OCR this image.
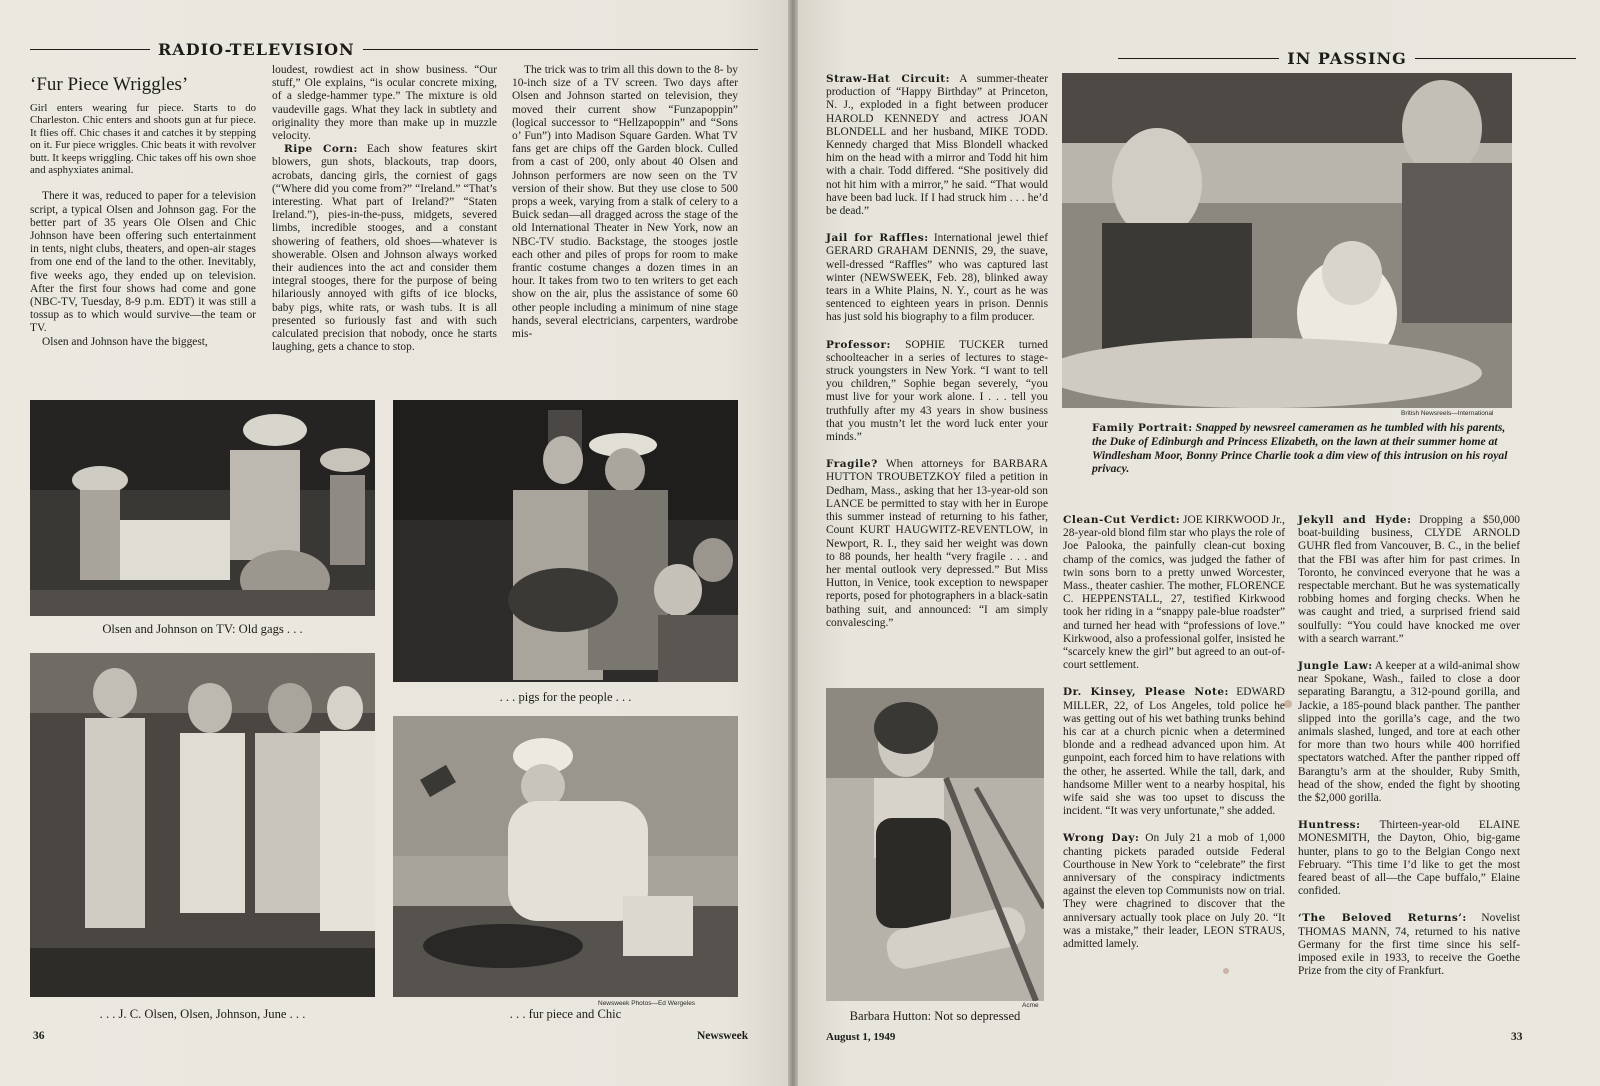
RADIO-TELEVISION
‘Fur Piece Wriggles’
Girl enters wearing fur piece. Starts to do Charleston. Chic enters and shoots gun at fur piece. It flies off. Chic chases it and catches it by stepping on it. Fur piece wriggles. Chic beats it with revolver butt. It keeps wriggling. Chic takes off his own shoe and asphyxiates animal.

There it was, reduced to paper for a television script, a typical Olsen and Johnson gag. For the better part of 35 years Ole Olsen and Chic Johnson have been offering such entertainment in tents, night clubs, theaters, and open-air stages from one end of the land to the other. Inevitably, five weeks ago, they ended up on television. After the first four shows had come and gone (NBC-TV, Tuesday, 8-9 p.m. EDT) it was still a tossup as to which would survive—the team or TV.

Olsen and Johnson have the biggest,

loudest, rowdiest act in show business. “Our stuff,” Ole explains, “is ocular concrete mixing, of a sledge-hammer type.” The mixture is old vaudeville gags. What they lack in subtlety and originality they more than make up in muzzle velocity.

Ripe Corn: Each show features skirt blowers, gun shots, blackouts, trap doors, acrobats, dancing girls, the corniest of gags (“Where did you come from?” “Ireland.” “That’s interesting. What part of Ireland?” “Staten Ireland.”), pies-in-the-puss, midgets, severed limbs, incredible stooges, and a constant showering of feathers, old shoes—whatever is showerable. Olsen and Johnson always worked their audiences into the act and consider them integral stooges, there for the purpose of being hilariously annoyed with gifts of ice blocks, baby pigs, white rats, or wash tubs. It is all presented so furiously fast and with such calculated precision that nobody, once he starts laughing, gets a chance to stop.

The trick was to trim all this down to the 8- by 10-inch size of a TV screen. Two days after Olsen and Johnson started on television, they moved their current show “Funzapoppin” (logical successor to “Hellzapoppin” and “Sons o’ Fun”) into Madison Square Garden. What TV fans get are chips off the Garden block. Culled from a cast of 200, only about 40 Olsen and Johnson performers are now seen on the TV version of their show. But they use close to 500 props a week, varying from a stalk of celery to a Buick sedan—all dragged across the stage of the old International Theater in New York, now an NBC-TV studio. Backstage, the stooges jostle each other and piles of props for room to make frantic costume changes a dozen times in an hour. It takes from two to ten writers to get each show on the air, plus the assistance of some 60 other people including a minimum of nine stage hands, several electricians, carpenters, wardrobe mis-

Olsen and Johnson on TV: Old gags . . .
. . . pigs for the people . . .
. . . J. C. Olsen, Olsen, Johnson, June . . .
Newsweek Photos—Ed Wergeles
. . . fur piece and Chic
36	Newsweek
IN PASSING

Straw-Hat Circuit: A summer-theater production of “Happy Birthday” at Princeton, N. J., exploded in a fight between producer HAROLD KENNEDY and actress JOAN BLONDELL and her husband, MIKE TODD. Kennedy charged that Miss Blondell whacked him on the head with a mirror and Todd hit him with a chair. Todd differed. “She positively did not hit him with a mirror,” he said. “That would have been bad luck. If I had struck him . . . he’d be dead.”

Jail for Raffles: International jewel thief GERARD GRAHAM DENNIS, 29, the suave, well-dressed “Raffles” who was captured last winter (NEWSWEEK, Feb. 28), blinked away tears in a White Plains, N. Y., court as he was sentenced to eighteen years in prison. Dennis has just sold his biography to a film producer.

Professor: SOPHIE TUCKER turned schoolteacher in a series of lectures to stage-struck youngsters in New York. “I want to tell you children,” Sophie began severely, “you must live for your work alone. I . . . tell you truthfully after my 43 years in show business that you mustn’t let the word luck enter your minds.”

Fragile? When attorneys for BARBARA HUTTON TROUBETZKOY filed a petition in Dedham, Mass., asking that her 13-year-old son LANCE be permitted to stay with her in Europe this summer instead of returning to his father, Count KURT HAUGWITZ-REVENTLOW, in Newport, R. I., they said her weight was down to 88 pounds, her health “very fragile . . . and her mental outlook very depressed.” But Miss Hutton, in Venice, took exception to newspaper reports, posed for photographers in a black-satin bathing suit, and announced: “I am simply convalescing.”

British Newsreels—International
Family Portrait: Snapped by newsreel cameramen as he tumbled with his parents, the Duke of Edinburgh and Princess Elizabeth, on the lawn at their summer home at Windlesham Moor, Bonny Prince Charlie took a dim view of this intrusion on his royal privacy.
Acme
Barbara Hutton: Not so depressed

Clean-Cut Verdict: JOE KIRKWOOD Jr., 28-year-old blond film star who plays the role of Joe Palooka, the painfully clean-cut boxing champ of the comics, was judged the father of twin sons born to a pretty unwed Worcester, Mass., theater cashier. The mother, FLORENCE C. HEPPENSTALL, 27, testified Kirkwood took her riding in a “snappy pale-blue roadster” and turned her head with “professions of love.” Kirkwood, also a professional golfer, insisted he “scarcely knew the girl” but agreed to an out-of-court settlement.

Dr. Kinsey, Please Note: EDWARD MILLER, 22, of Los Angeles, told police he was getting out of his wet bathing trunks behind his car at a church picnic when a determined blonde and a redhead advanced upon him. At gunpoint, each forced him to have relations with the other, he asserted. While the tall, dark, and handsome Miller went to a nearby hospital, his wife said she was too upset to discuss the incident. “It was very unfortunate,” she added.

Wrong Day: On July 21 a mob of 1,000 chanting pickets paraded outside Federal Courthouse in New York to “celebrate” the first anniversary of the conspiracy indictments against the eleven top Communists now on trial. They were chagrined to discover that the anniversary actually took place on July 20. “It was a mistake,” their leader, LEON STRAUS, admitted lamely.

Jekyll and Hyde: Dropping a $50,000 boat-building business, CLYDE ARNOLD GUHR fled from Vancouver, B. C., in the belief that the FBI was after him for past crimes. In Toronto, he convinced everyone that he was a respectable merchant. But he was systematically robbing homes and forging checks. When he was caught and tried, a surprised friend said soulfully: “You could have knocked me over with a search warrant.”

Jungle Law: A keeper at a wild-animal show near Spokane, Wash., failed to close a door separating Barangtu, a 312-pound gorilla, and Jackie, a 185-pound black panther. The panther slipped into the gorilla’s cage, and the two animals slashed, lunged, and tore at each other for more than two hours while 400 horrified spectators watched. After the panther ripped off Barangtu’s arm at the shoulder, Ruby Smith, head of the show, ended the fight by shooting the $2,000 gorilla.

Huntress: Thirteen-year-old ELAINE MONESMITH, the Dayton, Ohio, big-game hunter, plans to go to the Belgian Congo next February. “This time I’d like to get the most feared beast of all—the Cape buffalo,” Elaine confided.

‘The Beloved Returns’: Novelist THOMAS MANN, 74, returned to his native Germany for the first time since his self-imposed exile in 1933, to receive the Goethe Prize from the city of Frankfurt.

August 1, 1949	33
